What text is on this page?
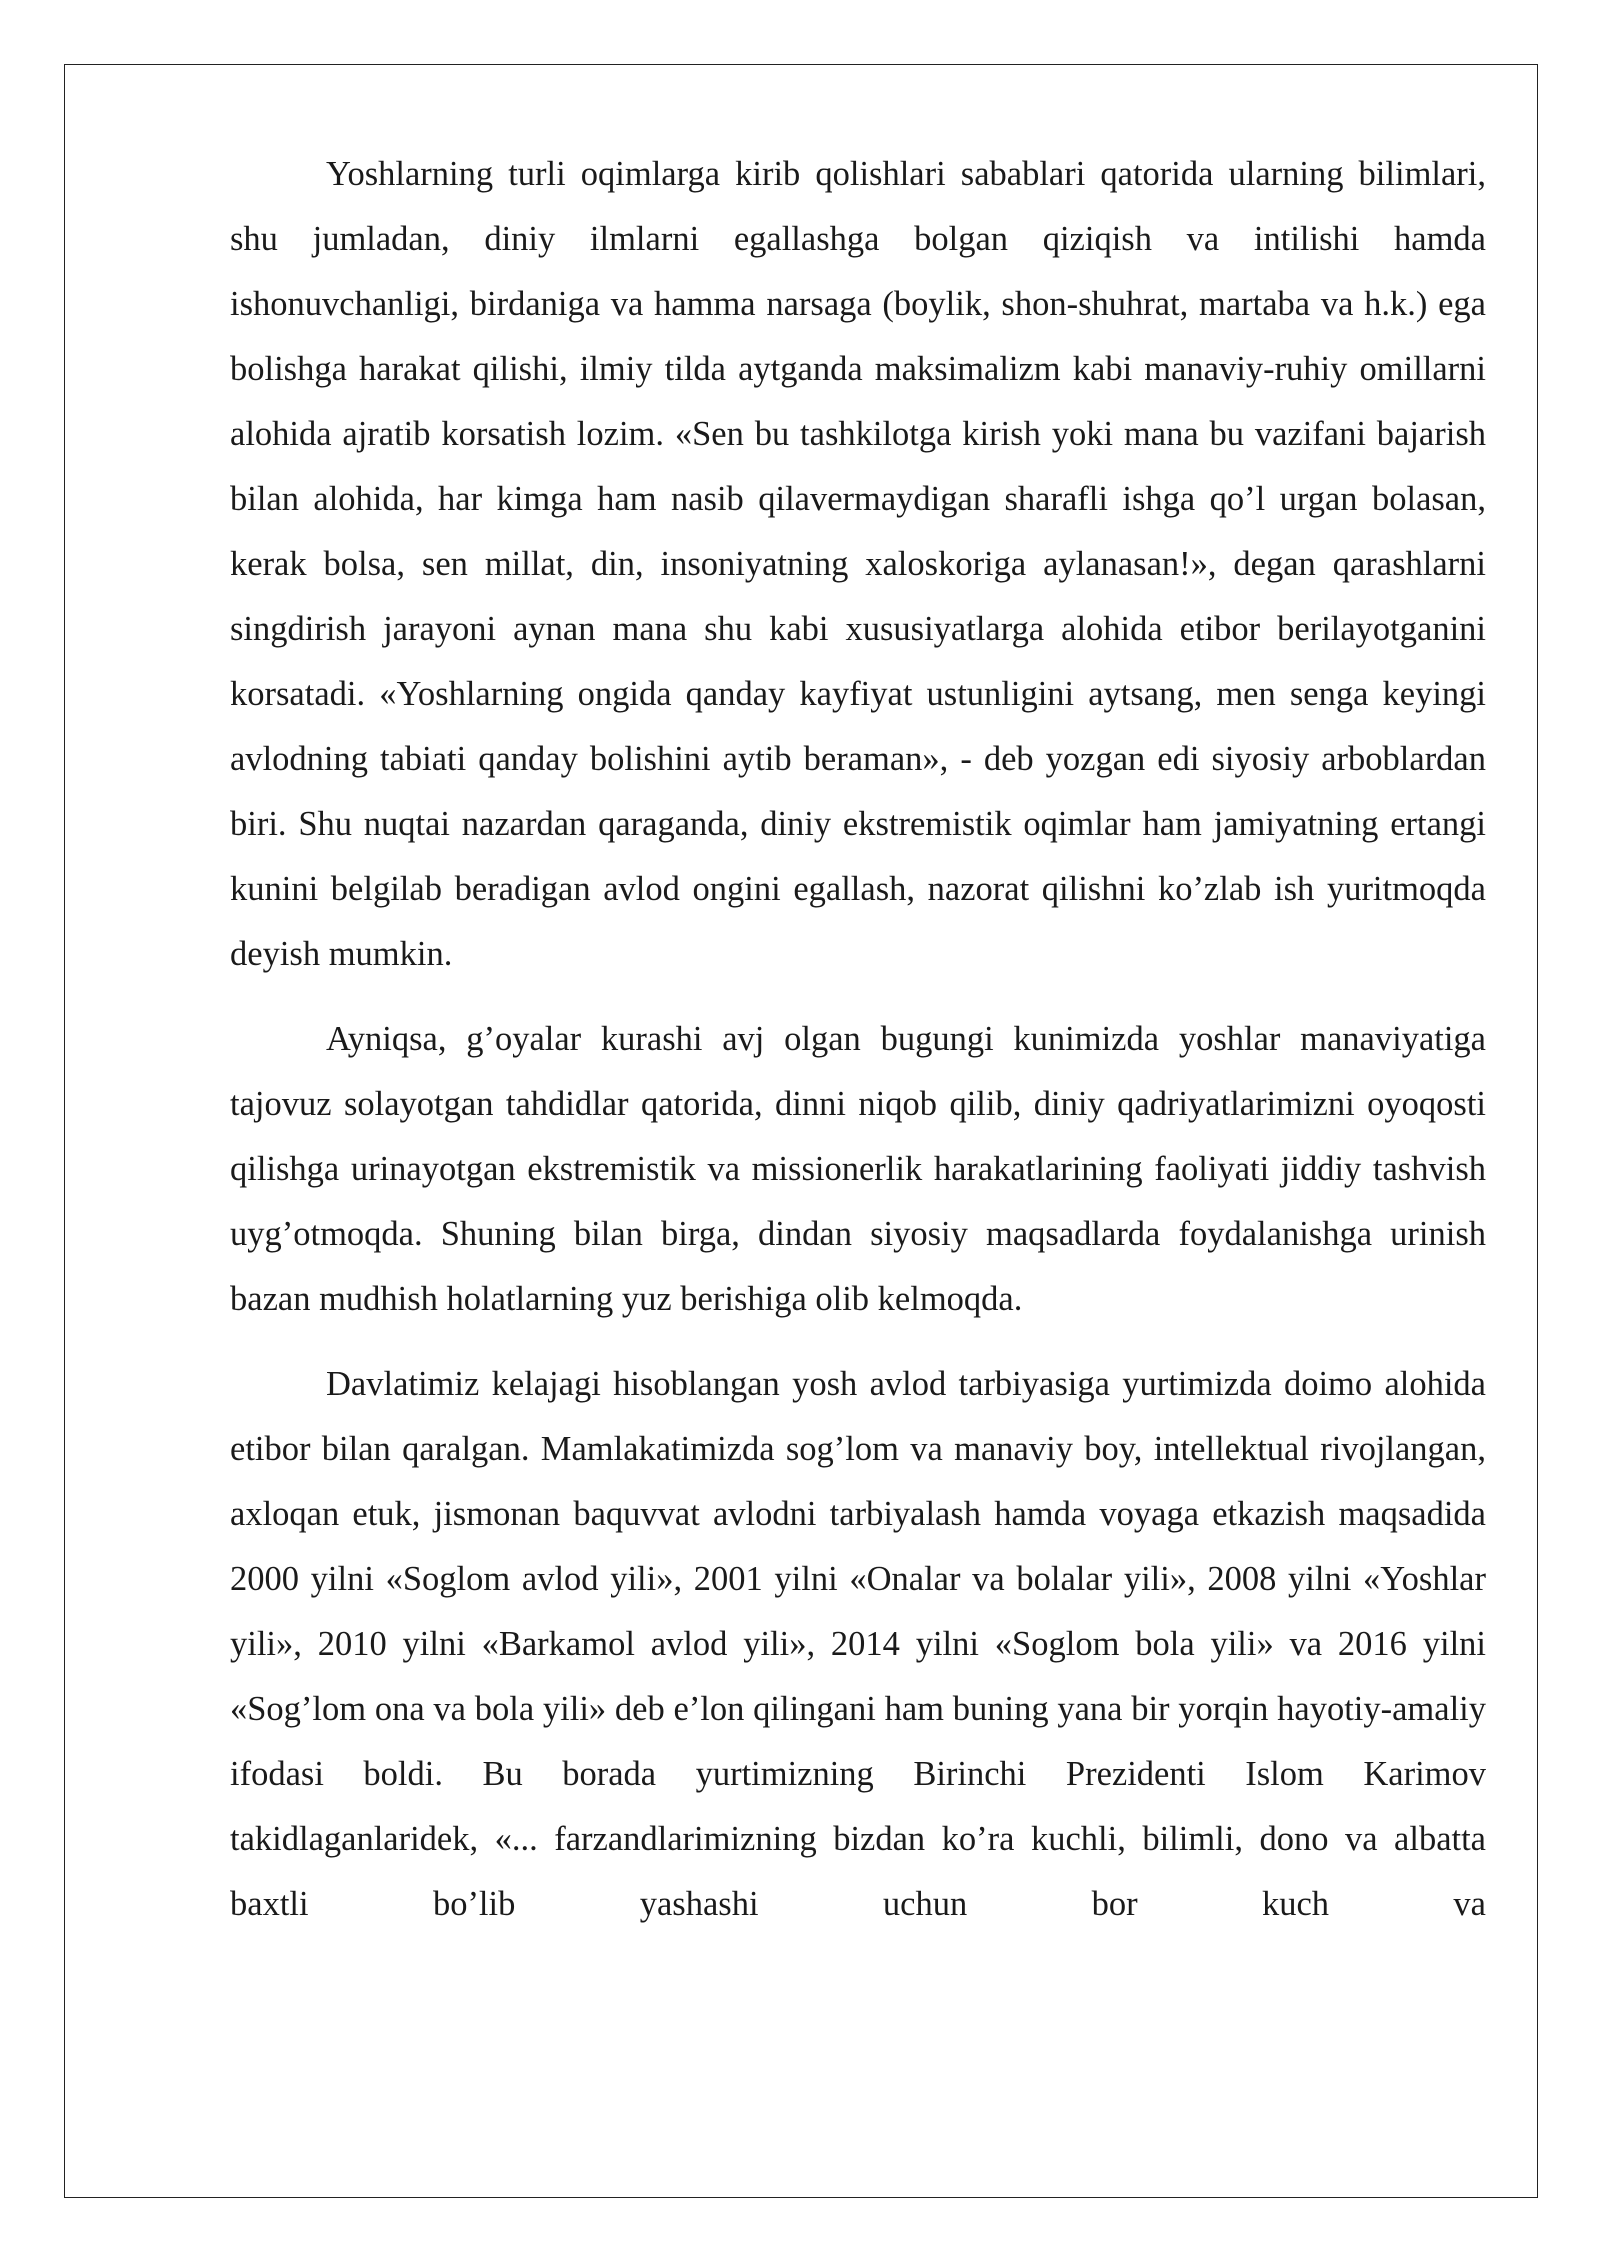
Yoshlarning turli oqimlarga kirib qolishlari sabablari qatorida ularning bilimlari, shu jumladan, diniy ilmlarni egallashga bolgan qiziqish va intilishi hamda ishonuvchanligi, birdaniga va hamma narsaga (boylik, shon-shuhrat, martaba va h.k.) ega bolishga harakat qilishi, ilmiy tilda aytganda maksimalizm kabi manaviy-ruhiy omillarni alohida ajratib korsatish lozim. «Sen bu tashkilotga kirish yoki mana bu vazifani bajarish bilan alohida, har kimga ham nasib qilavermaydigan sharafli ishga qo’l urgan bolasan, kerak bolsa, sen millat, din, insoniyatning xaloskoriga aylanasan!», degan qarashlarni singdirish jarayoni aynan mana shu kabi xususiyatlarga alohida etibor berilayotganini korsatadi. «Yoshlarning ongida qanday kayfiyat ustunligini aytsang, men senga keyingi avlodning tabiati qanday bolishini aytib beraman», - deb yozgan edi siyosiy arboblardan biri. Shu nuqtai nazardan qaraganda, diniy ekstremistik oqimlar ham jamiyatning ertangi kunini belgilab beradigan avlod ongini egallash, nazorat qilishni ko’zlab ish yuritmoqda deyish mumkin.

Ayniqsa, g’oyalar kurashi avj olgan bugungi kunimizda yoshlar manaviyatiga tajovuz solayotgan tahdidlar qatorida, dinni niqob qilib, diniy qadriyatlarimizni oyoqosti qilishga urinayotgan ekstremistik va missionerlik harakatlarining faoliyati jiddiy tashvish uyg’otmoqda. Shuning bilan birga, dindan siyosiy maqsadlarda foydalanishga urinish bazan mudhish holatlarning yuz berishiga olib kelmoqda.

Davlatimiz kelajagi hisoblangan yosh avlod tarbiyasiga yurtimizda doimo alohida etibor bilan qaralgan. Mamlakatimizda sog’lom va manaviy boy, intellektual rivojlangan, axloqan etuk, jismonan baquvvat avlodni tarbiyalash hamda voyaga etkazish maqsadida 2000 yilni «Soglom avlod yili», 2001 yilni «Onalar va bolalar yili», 2008 yilni «Yoshlar yili», 2010 yilni «Barkamol avlod yili», 2014 yilni «Soglom bola yili» va 2016 yilni «Sog’lom ona va bola yili» deb e’lon qilingani ham buning yana bir yorqin hayotiy-amaliy ifodasi boldi. Bu borada yurtimizning Birinchi Prezidenti Islom Karimov takidlaganlaridek, «... farzandlarimizning bizdan ko’ra kuchli, bilimli, dono va albatta baxtli bo’lib yashashi uchun bor kuch va
